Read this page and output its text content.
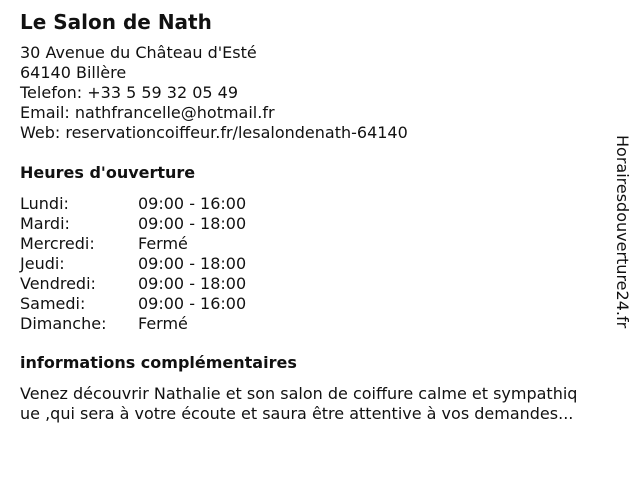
Le Salon de Nath
30 Avenue du Château d'Esté
64140 Billère
Telefon: +33 5 59 32 05 49
Email: nathfrancelle@hotmail.fr
Web: reservationcoiffeur.fr/lesalondenath-64140
Heures d'ouverture
Lundi:	09:00 - 16:00
Mardi:	09:00 - 18:00
Mercredi:	Fermé
Jeudi:	09:00 - 18:00
Vendredi:	09:00 - 18:00
Samedi:	09:00 - 16:00
Dimanche: Fermé
informations complémentaires
Venez découvrir Nathalie et son salon de coiffure calme et sympathiq
ue ,qui sera à votre écoute et saura être attentive à vos demandes...
Horairesdouverture24.fr
